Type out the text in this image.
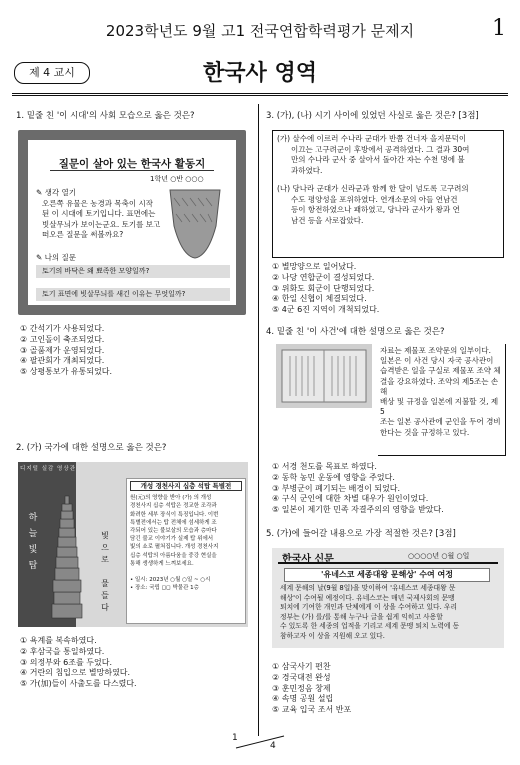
2023학년도 9월 고1 전국연합학력평가 문제지	1
제 4 교시	한국사 영역
1. 밑줄 친 '이 시대'의 사회 모습으로 옳은 것은?
질문이 살아 있는 한국사 활동지
1학년 ○반 ○○○
✎ 생각 열기
오른쪽 유물은 농경과 목축이 시작
된 이 시대에 토기입니다. 표면에는
빗살무늬가 보이는군요. 토기를 보고
떠오른 질문을 써볼까요?
✎ 나의 질문
토기의 바닥은 왜 뾰족한 모양일까?
토기 표면에 빗살무늬를 새긴 이유는 무엇일까?
① 간석기가 사용되었다.
② 고인돌이 축조되었다.
③ 골품제가 운영되었다.
④ 팔관회가 개최되었다.
⑤ 상평통보가 유통되었다.
2. (가) 국가에 대한 설명으로 옳은 것은?
디지털 실감 영상관
하
늘
빛
탑
빛
으
로

물
들
다
개성 경천사지 십층 석탑 특별전
원(元)의 영향을 받아 (가) 의 개성
경천사지 십층 석탑은 정교한 조각과
화려한 세부 장식이 특징입니다. 이번
특별전에서는 탑 전체에 섬세하게 조
각되어 있는 불보살의 모습과 층마다
담긴 불교 이야기가 실제 탑 위에서
빛의 쇼로 펼쳐집니다. 개성 경천사지
십층 석탑의 아름다움을 중강 현실을
통해 생생하게 느껴보세요.

• 일시: 2023년 ○월 ○일 ~ ○시
• 장소: 국립 ◻◻ 박물관 1층
① 욕계를 복속하였다.
② 후삼국을 통일하였다.
③ 의정부와 6조를 두었다.
④ 거란의 침입으로 별망하였다.
⑤ 가(加)들이 사출도를 다스렸다.
3. (가), (나) 시기 사이에 있었던 사실로 옳은 것은? [3점]
(가) 살수에 이르러 수나라 군대가 반쯤 건너자 을지문덕이
이끄는 고구려군이 후방에서 공격하였다. 그 결과 30여
만의 수나라 군사 중 살아서 돌아간 자는 수천 명에 불
과하였다.
(나) 당나라 군대가 신라군과 함께 한 달이 넘도록 고구려의
수도 평양성을 포위하였다. 연개소문의 아들 연남건
등이 항전하였으나 패하였고, 당나라 군사가 왕과 연
남건 등을 사로잡았다.
① 별망양으로 일어났다.
② 나당 연합군이 결성되었다.
③ 위화도 회군이 단행되었다.
④ 한일 신협이 체결되었다.
⑤ 4군 6진 지역이 개척되었다.
4. 밑줄 친 '이 사건'에 대한 설명으로 옳은 것은?
자료는 제물포 조약문의 일부이다.
일본은 이 사건 당시 자국 공사관이
습격받은 일을 구실로 제물포 조약 체
결을 강요하였다. 조약의 제5조는 손해
배상 및 규정을 일본에 지불할 것, 제5
조는 일본 공사관에 군인을 두어 경비
한다는 것을 규정하고 있다.
① 서경 천도를 목표로 하였다.
② 동학 농민 운동에 영향을 주었다.
③ 부병군이 폐기되는 배경이 되었다.
④ 구식 군인에 대한 차별 대우가 원인이었다.
⑤ 일본이 제기한 민족 자결주의의 영향을 받았다.
5. (가)에 들어갈 내용으로 가장 적절한 것은? [3점]
한국사 신문	○○○○년 ○월 ○일
'유네스코 세종대왕 문해상' 수여 여정
세계 문해의 날(9월 8일)을 맞이하여 '유네스코 세종대왕 문
해상'이 수여될 예정이다. 유네스코는 매년 국제사회의 문맹
퇴치에 기여한 개인과 단체에게 이 상을 수여하고 있다. 우리
정부는 (가) 를/를 통해 누구나 글을 쉽게 익히고 사용할
수 있도록 한 세종의 업적을 기리고 세계 문맹 퇴치 노력에 동
참하고자 이 상을 지원해 오고 있다.
① 삼국사기 편찬
② 경국대전 완성
③ 훈민정음 창제
④ 속명 공원 설립
⑤ 교육 입국 조서 반포
1
4
